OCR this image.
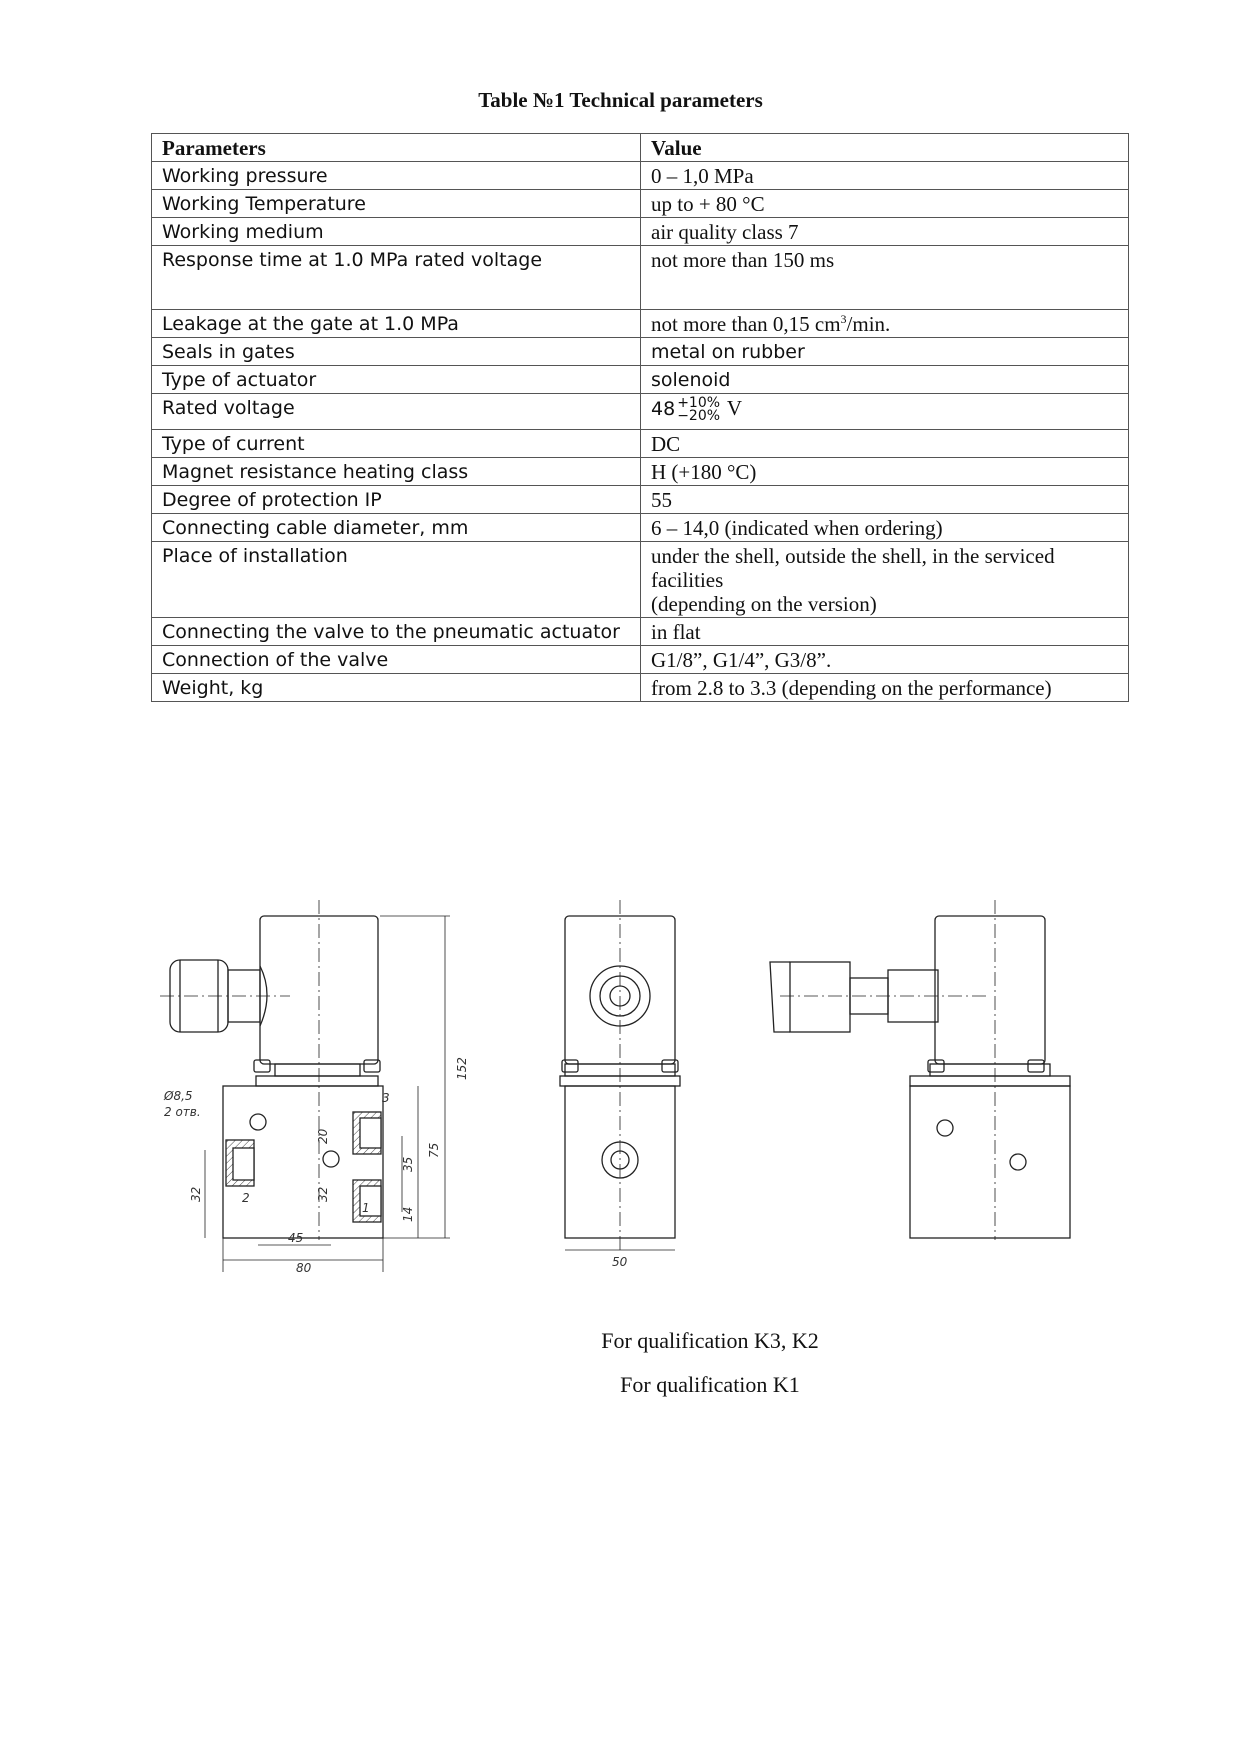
Table №1 Technical parameters
Parameters	Value
Working pressure	0 – 1,0 MPa
Working Temperature	up to + 80 °C
Working medium	air quality class 7
Response time at 1.0 MPa rated voltage	not more than 150 ms
Leakage at the gate at 1.0 MPa	not more than 0,15 $cm^3/\min$.
Seals in gates	metal on rubber
Type of actuator	solenoid
Rated voltage	48 +10%
−20% V
Type of current	DC
Magnet resistance heating class	H (+180 °C)
Degree of protection IP	55
Connecting cable diameter, mm	6 – 14,0 (indicated when ordering)
Place of installation	under the shell, outside the shell, in the serviced
facilities
(depending on the version)
Connecting the valve to the pneumatic actuator	in flat
Connection of the valve	G1/8”, G1/4”, G3/8”.
Weight, kg	from 2.8 to 3.3 (depending on the performance)
Ø8,5
2 отв.
3
2
1
152
75
35
14
20
32
32
45
80	50
For qualification K3, K2
For qualification K1
